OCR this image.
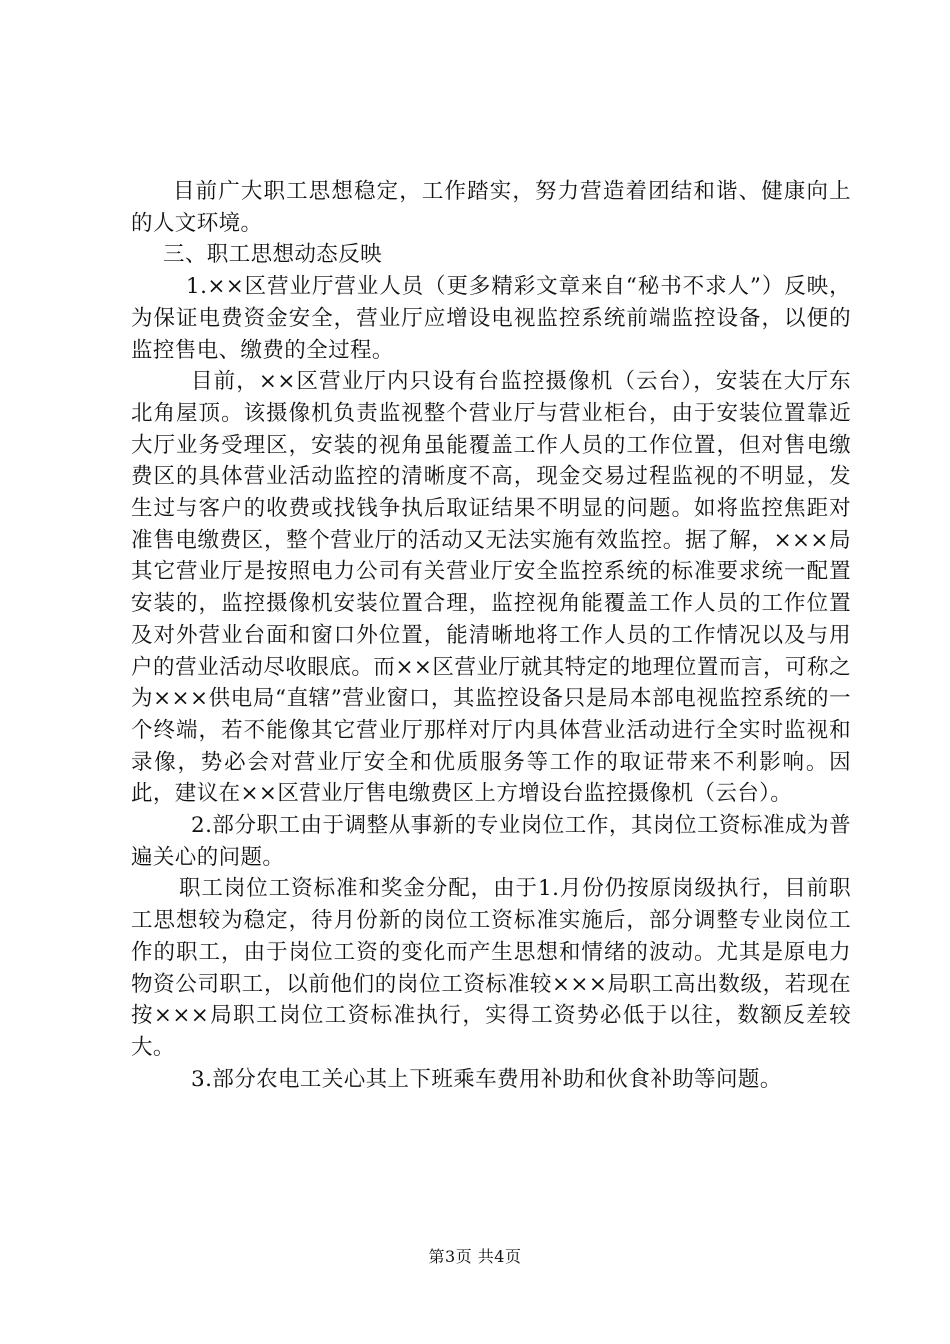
目前广大职工思想稳定，工作踏实，努力营造着团结和谐、健康向上的人文环境。

三、职工思想动态反映

1.××区营业厅营业人员（更多精彩文章来自“秘书不求人”）反映，为保证电费资金安全，营业厅应增设电视监控系统前端监控设备，以便的监控售电、缴费的全过程。

目前，××区营业厅内只设有台监控摄像机（云台），安装在大厅东北角屋顶。该摄像机负责监视整个营业厅与营业柜台，由于安装位置靠近大厅业务受理区，安装的视角虽能覆盖工作人员的工作位置，但对售电缴费区的具体营业活动监控的清晰度不高，现金交易过程监视的不明显，发生过与客户的收费或找钱争执后取证结果不明显的问题。如将监控焦距对准售电缴费区，整个营业厅的活动又无法实施有效监控。据了解，×××局其它营业厅是按照电力公司有关营业厅安全监控系统的标准要求统一配置安装的，监控摄像机安装位置合理，监控视角能覆盖工作人员的工作位置及对外营业台面和窗口外位置，能清晰地将工作人员的工作情况以及与用户的营业活动尽收眼底。而××区营业厅就其特定的地理位置而言，可称之为×××供电局“直辖”营业窗口，其监控设备只是局本部电视监控系统的一个终端，若不能像其它营业厅那样对厅内具体营业活动进行全实时监视和录像，势必会对营业厅安全和优质服务等工作的取证带来不利影响。因此，建议在××区营业厅售电缴费区上方增设台监控摄像机（云台）。

2.部分职工由于调整从事新的专业岗位工作，其岗位工资标准成为普遍关心的问题。

职工岗位工资标准和奖金分配，由于1.月份仍按原岗级执行，目前职工思想较为稳定，待月份新的岗位工资标准实施后，部分调整专业岗位工作的职工，由于岗位工资的变化而产生思想和情绪的波动。尤其是原电力物资公司职工，以前他们的岗位工资标准较×××局职工高出数级，若现在按×××局职工岗位工资标准执行，实得工资势必低于以往，数额反差较大。

3.部分农电工关心其上下班乘车费用补助和伙食补助等问题。

第3页 共4页
